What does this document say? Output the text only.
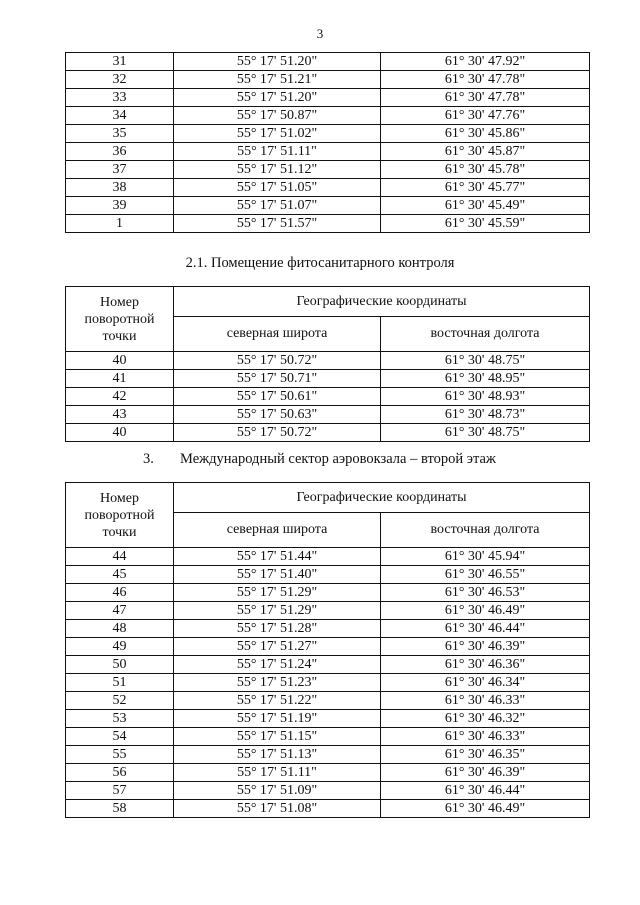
3
31	55° 17' 51.20"	61° 30' 47.92"
32	55° 17' 51.21"	61° 30' 47.78"
33	55° 17' 51.20"	61° 30' 47.78"
34	55° 17' 50.87"	61° 30' 47.76"
35	55° 17' 51.02"	61° 30' 45.86"
36	55° 17' 51.11"	61° 30' 45.87"
37	55° 17' 51.12"	61° 30' 45.78"
38	55° 17' 51.05"	61° 30' 45.77"
39	55° 17' 51.07"	61° 30' 45.49"
1	55° 17' 51.57"	61° 30' 45.59"
2.1. Помещение фитосанитарного контроля
Номер поворотной точки	Географические координаты	
	северная широта	восточная долгота
40	55° 17' 50.72"	61° 30' 48.75"
41	55° 17' 50.71"	61° 30' 48.95"
42	55° 17' 50.61"	61° 30' 48.93"
43	55° 17' 50.63"	61° 30' 48.73"
40	55° 17' 50.72"	61° 30' 48.75"
3. Международный сектор аэровокзала – второй этаж
Номер поворотной точки	Географические координаты	
	северная широта	восточная долгота
44	55° 17' 51.44"	61° 30' 45.94"
45	55° 17' 51.40"	61° 30' 46.55"
46	55° 17' 51.29"	61° 30' 46.53"
47	55° 17' 51.29"	61° 30' 46.49"
48	55° 17' 51.28"	61° 30' 46.44"
49	55° 17' 51.27"	61° 30' 46.39"
50	55° 17' 51.24"	61° 30' 46.36"
51	55° 17' 51.23"	61° 30' 46.34"
52	55° 17' 51.22"	61° 30' 46.33"
53	55° 17' 51.19"	61° 30' 46.32"
54	55° 17' 51.15"	61° 30' 46.33"
55	55° 17' 51.13"	61° 30' 46.35"
56	55° 17' 51.11"	61° 30' 46.39"
57	55° 17' 51.09"	61° 30' 46.44"
58	55° 17' 51.08"	61° 30' 46.49"
